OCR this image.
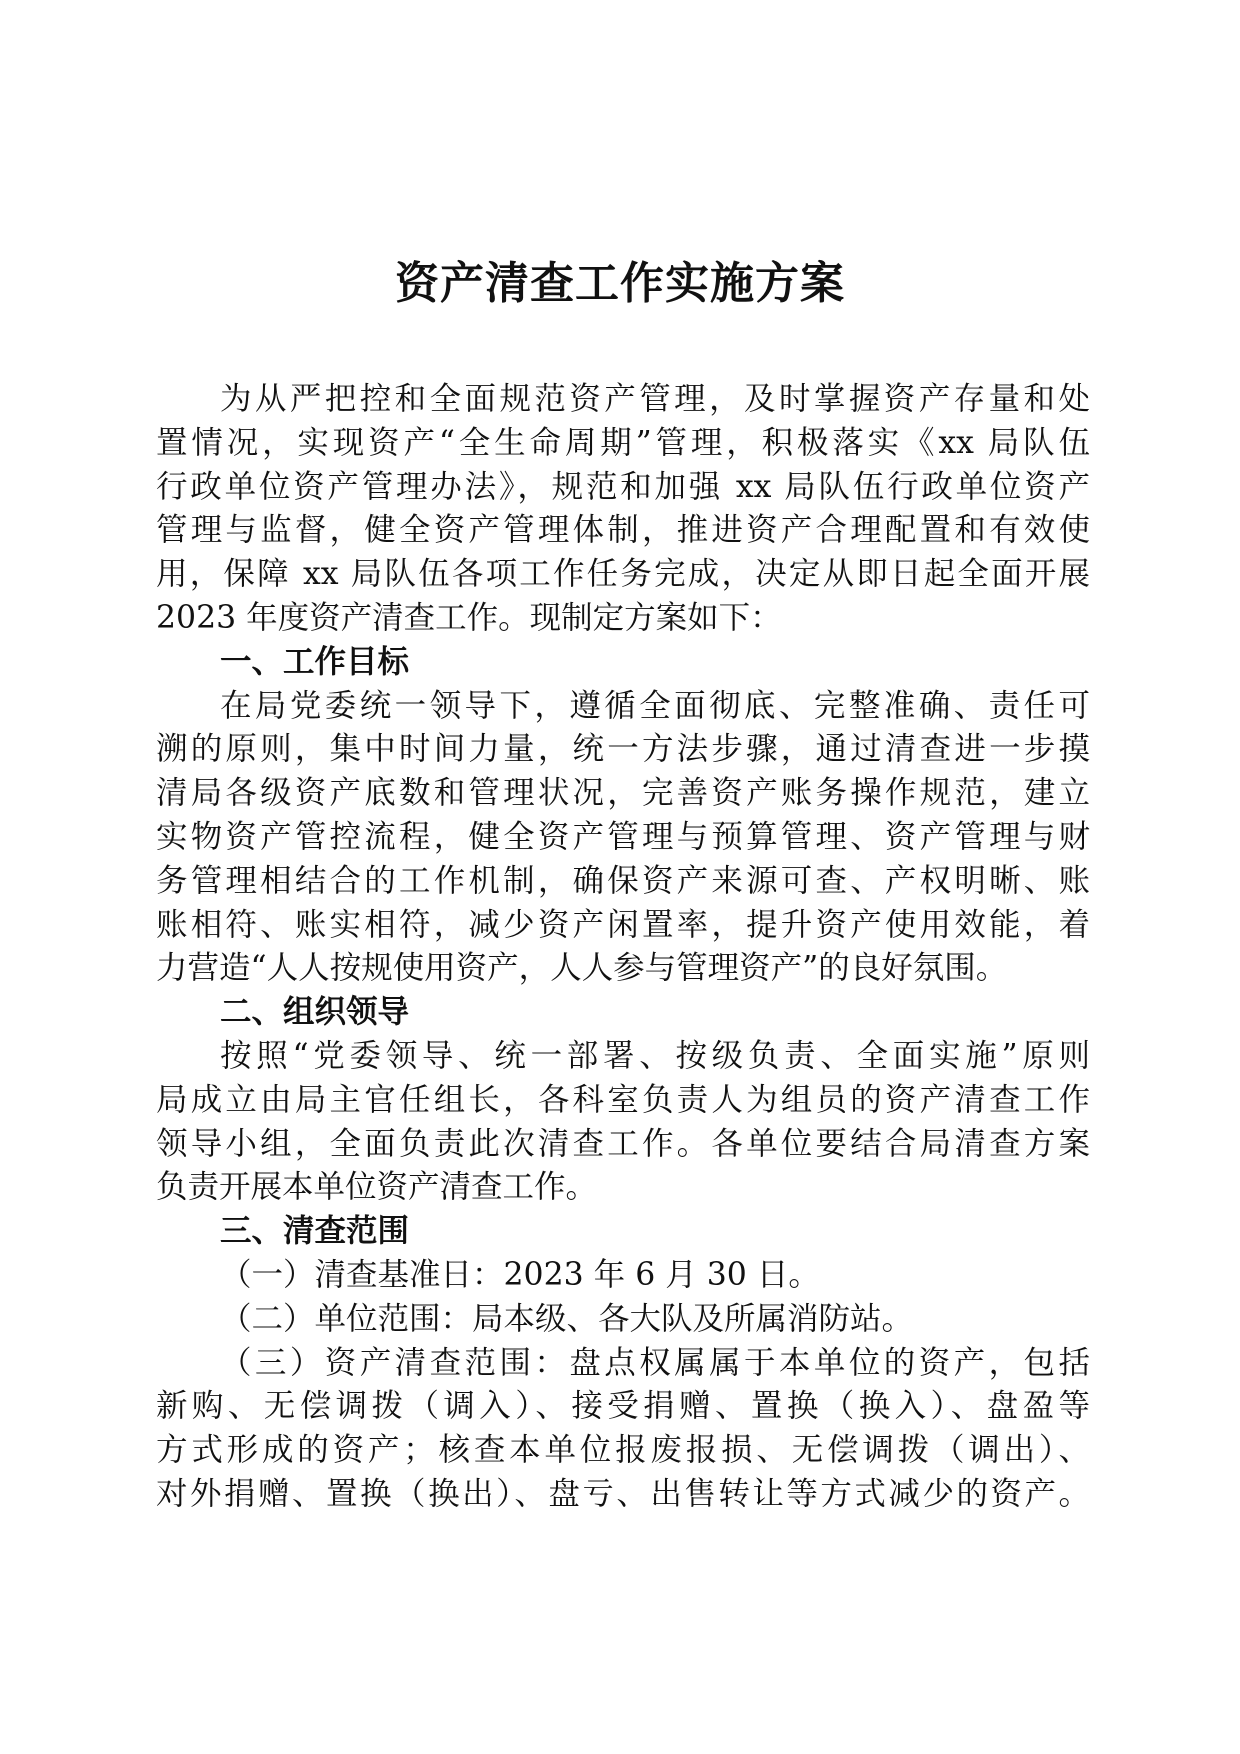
资产清查工作实施方案
为从严把控和全面规范资产管理，及时掌握资产存量和处
置情况，实现资产“全生命周期”管理，积极落实《xx 局队伍
行政单位资产管理办法》，规范和加强 xx 局队伍行政单位资产
管理与监督，健全资产管理体制，推进资产合理配置和有效使
用，保障 xx 局队伍各项工作任务完成，决定从即日起全面开展
2023 年度资产清查工作。现制定方案如下：
一、工作目标
在局党委统一领导下，遵循全面彻底、完整准确、责任可
溯的原则，集中时间力量，统一方法步骤，通过清查进一步摸
清局各级资产底数和管理状况，完善资产账务操作规范，建立
实物资产管控流程，健全资产管理与预算管理、资产管理与财
务管理相结合的工作机制，确保资产来源可查、产权明晰、账
账相符、账实相符，减少资产闲置率，提升资产使用效能，着
力营造“人人按规使用资产，人人参与管理资产”的良好氛围。
二、组织领导
按照“党委领导、统一部署、按级负责、全面实施”原则
局成立由局主官任组长，各科室负责人为组员的资产清查工作
领导小组，全面负责此次清查工作。各单位要结合局清查方案
负责开展本单位资产清查工作。
三、清查范围
（一）清查基准日：2023 年 6 月 30 日。
（二）单位范围：局本级、各大队及所属消防站。
（三）资产清查范围：盘点权属属于本单位的资产，包括
新购、无偿调拨（调入）、接受捐赠、置换（换入）、盘盈等
方式形成的资产；核查本单位报废报损、无偿调拨（调出）、
对外捐赠、置换（换出）、盘亏、出售转让等方式减少的资产。
